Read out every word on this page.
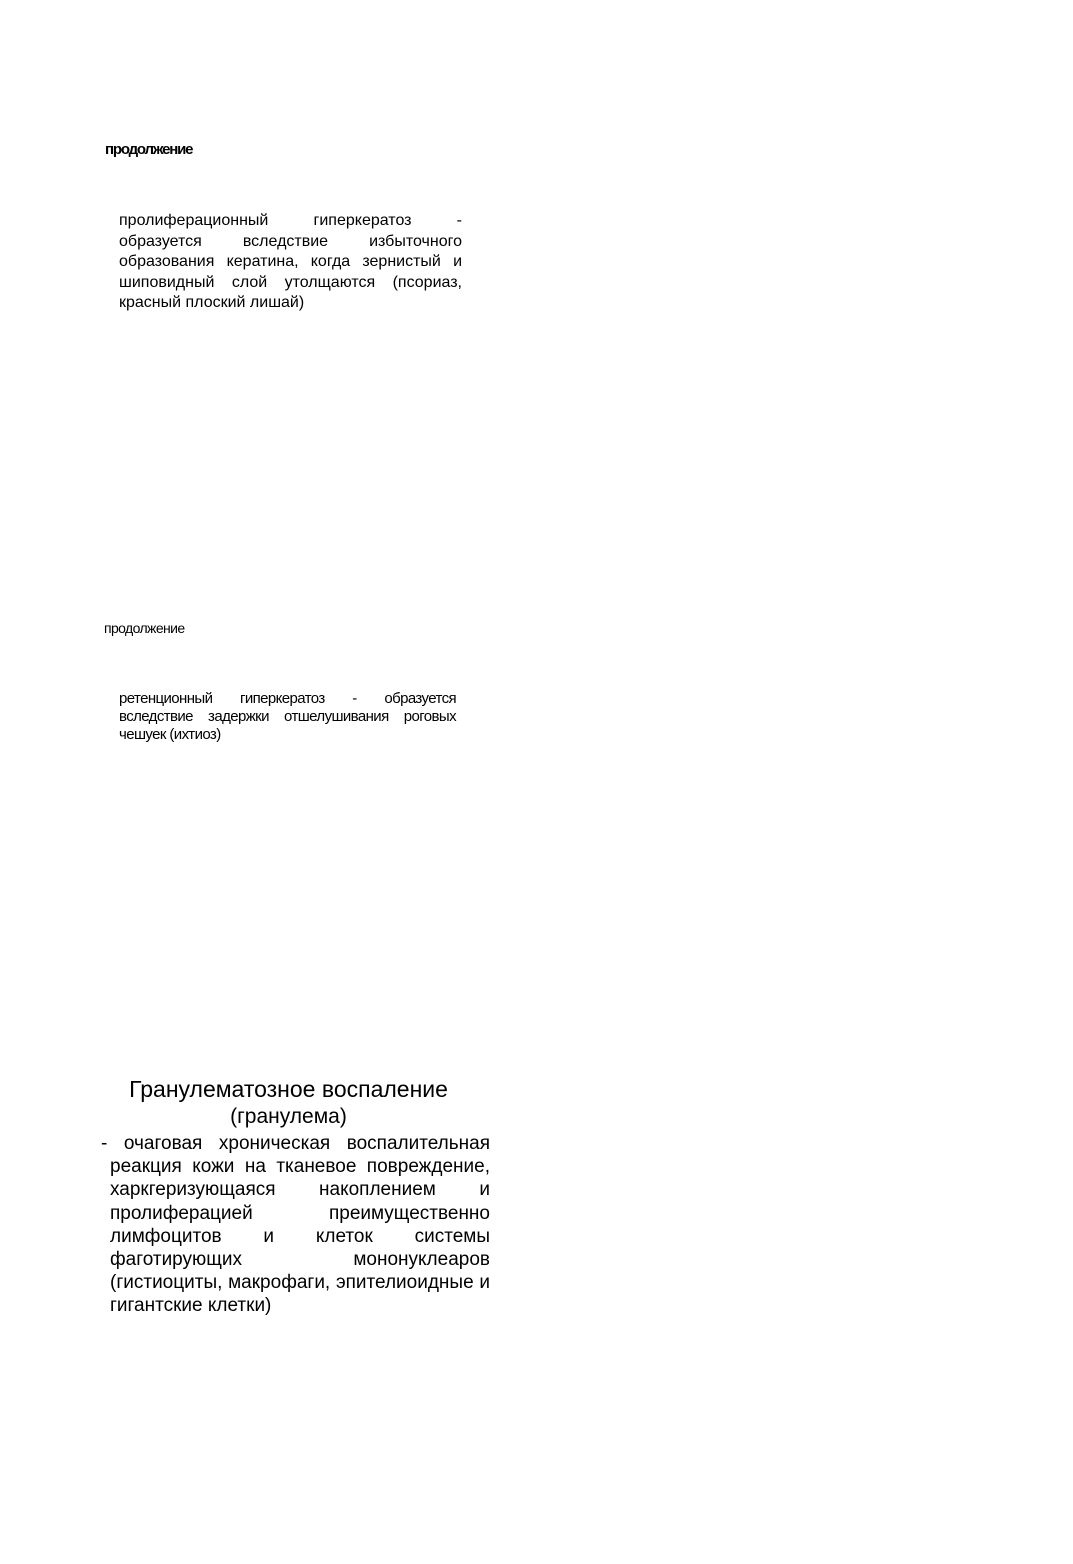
продолжение
пролиферационный гиперкератоз - образуется вследствие избыточного образования кератина, когда зернистый и шиповидный слой утолщаются (псориаз, красный плоский лишай)
продолжение
ретенционный гиперкератоз - образуется вследствие задержки отшелушивания роговых чешуек (ихтиоз)
Гранулематозное воспаление
(гранулема)
- очаговая хроническая воспалительная реакция кожи на тканевое повреждение, харкгеризующаяся накоплением и пролиферацией преимущественно лимфоцитов и клеток системы фаготирующих мононуклеаров (гистиоциты, макрофаги, эпителиоидные и гигантские клетки)
